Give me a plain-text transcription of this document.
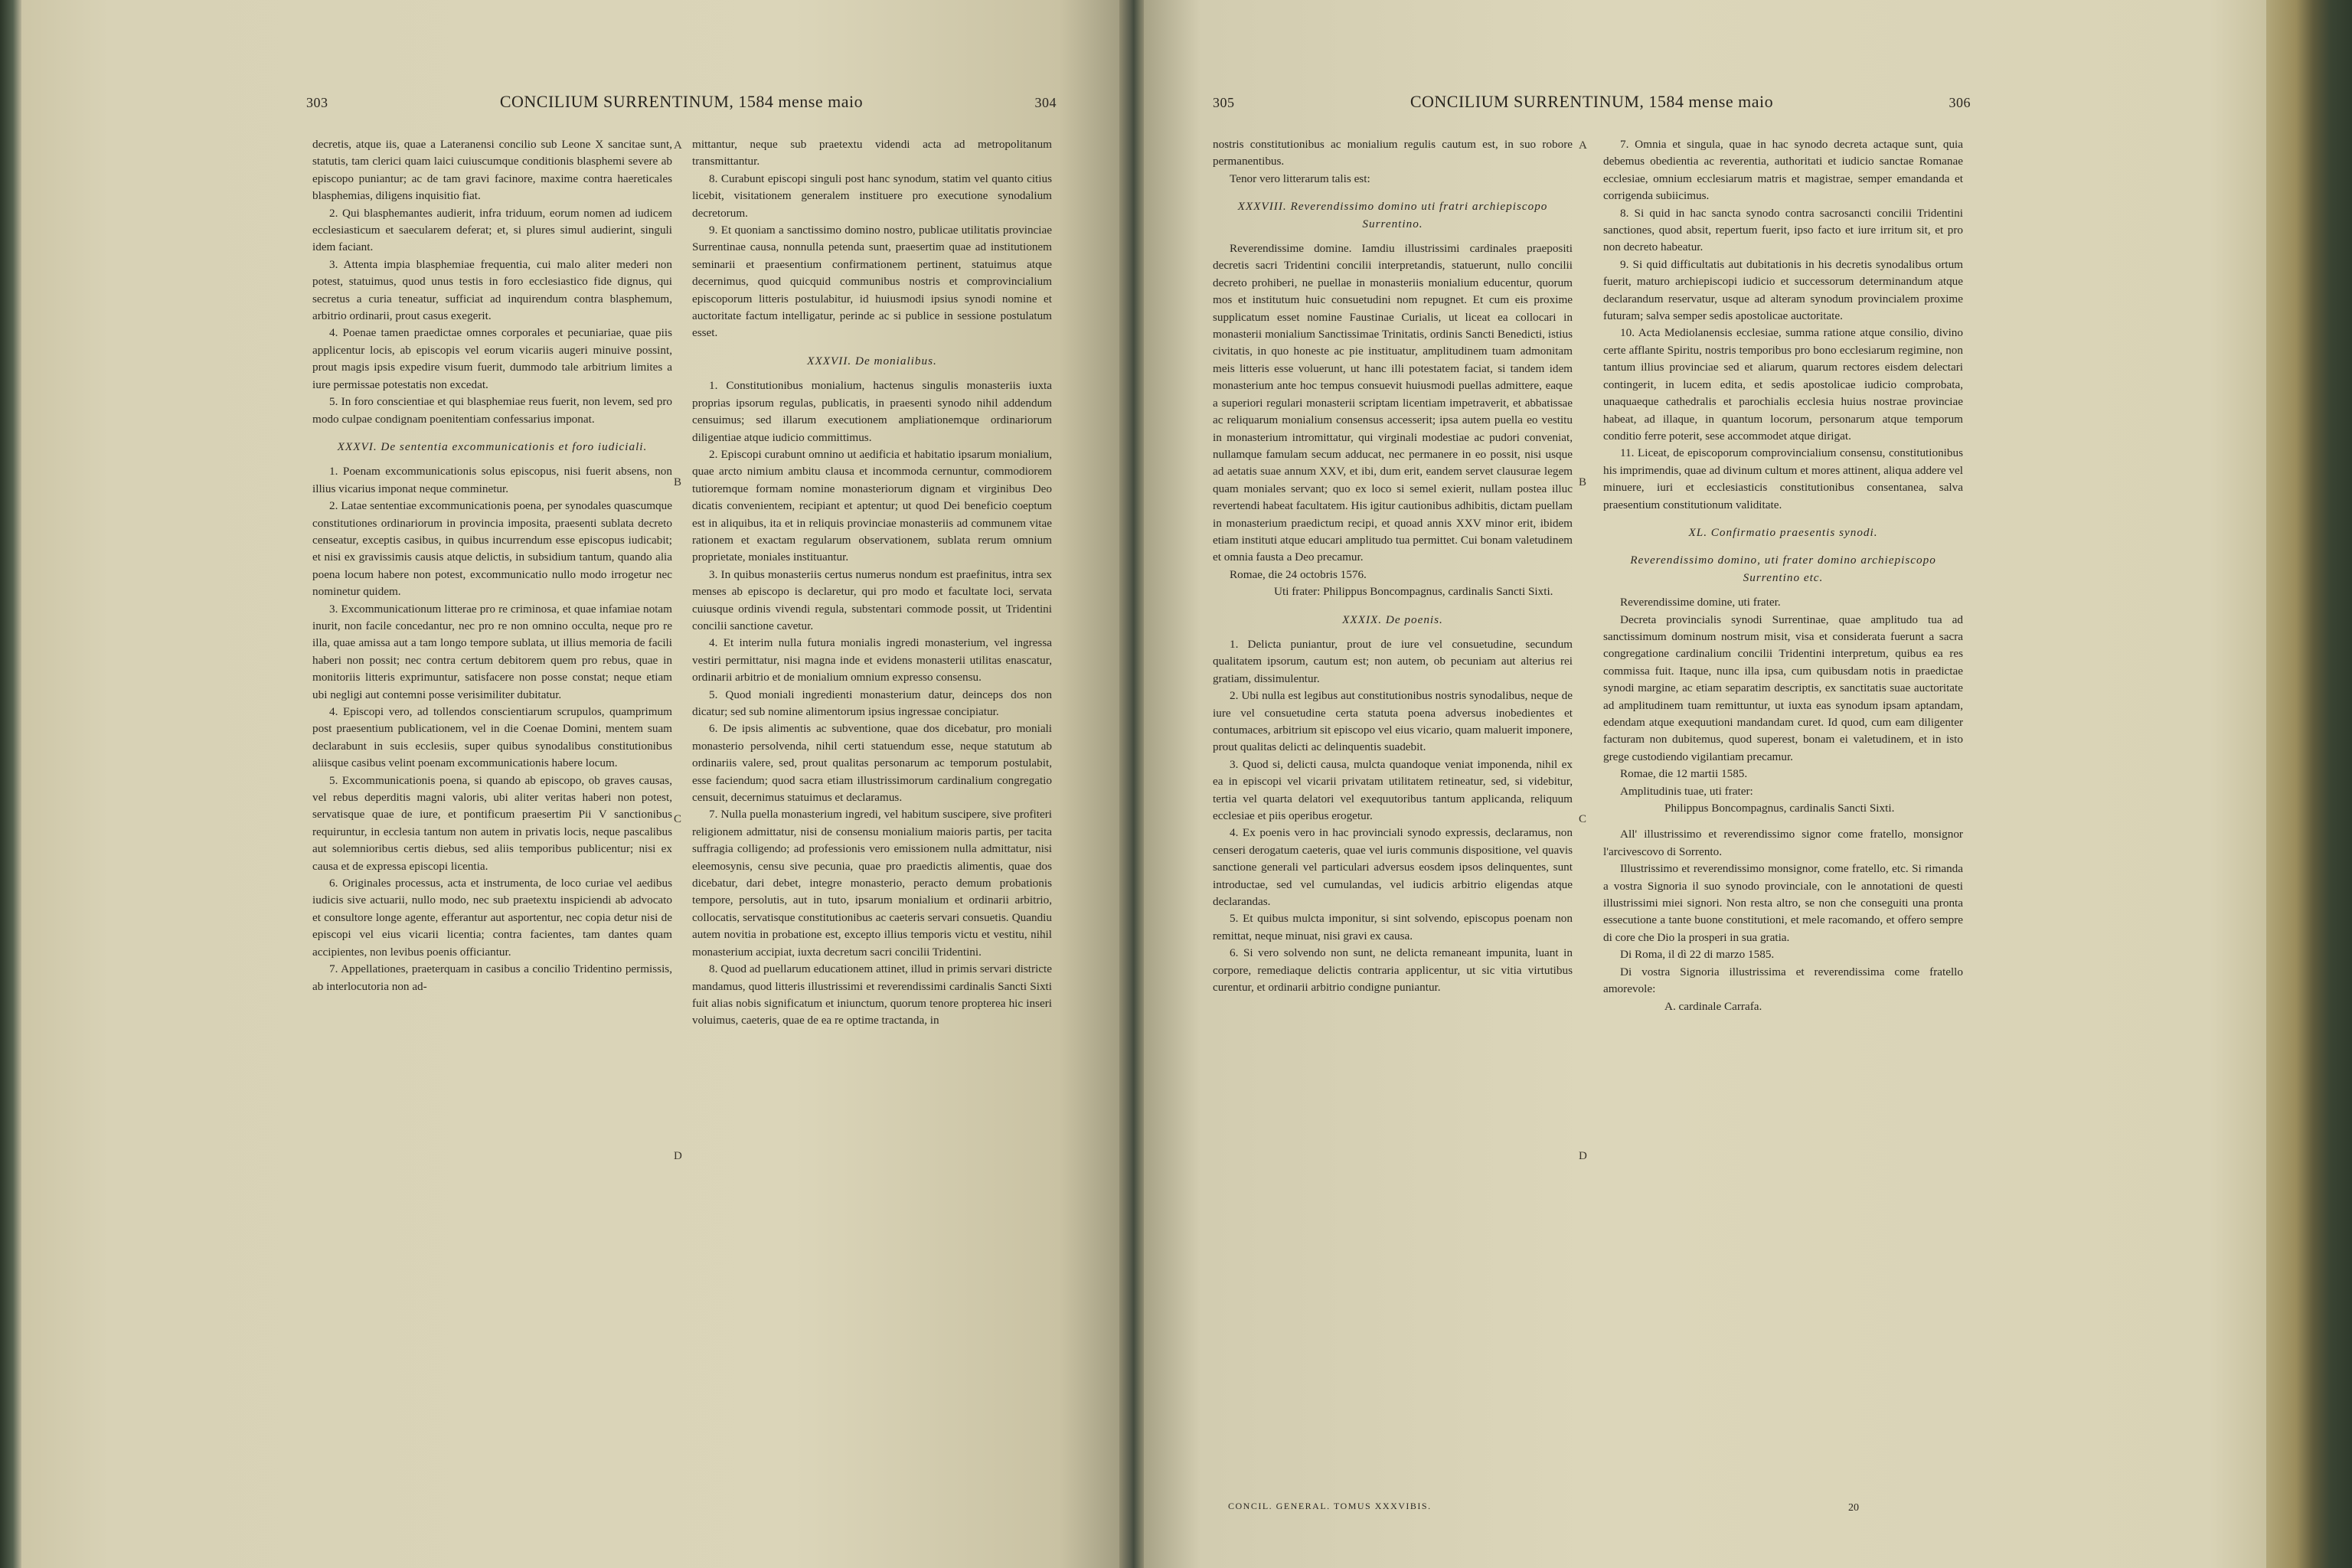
303	CONCILIUM SURRENTINUM, 1584 mense maio	304

decretis, atque iis, quae a Lateranensi concilio sub Leone X sancitae sunt, statutis, tam clerici quam laici cuiuscumque conditionis blasphemi severe ab episcopo puniantur; ac de tam gravi facinore, maxime contra haereticales blasphemias, diligens inquisitio fiat.

2. Qui blasphemantes audierit, infra triduum, eorum nomen ad iudicem ecclesiasticum et saecularem deferat; et, si plures simul audierint, singuli idem faciant.

3. Attenta impia blasphemiae frequentia, cui malo aliter mederi non potest, statuimus, quod unus testis in foro ecclesiastico fide dignus, qui secretus a curia teneatur, sufficiat ad inquirendum contra blasphemum, arbitrio ordinarii, prout casus exegerit.

4. Poenae tamen praedictae omnes corporales et pecuniariae, quae piis applicentur locis, ab episcopis vel eorum vicariis augeri minuive possint, prout magis ipsis expedire visum fuerit, dummodo tale arbitrium limites a iure permissae potestatis non excedat.

5. In foro conscientiae et qui blasphemiae reus fuerit, non levem, sed pro modo culpae condignam poenitentiam confessarius imponat.

XXXVI. De sententia excommunicationis et foro iudiciali.

1. Poenam excommunicationis solus episcopus, nisi fuerit absens, non illius vicarius imponat neque comminetur.

2. Latae sententiae excommunicationis poena, per synodales quascumque constitutiones ordinariorum in provincia imposita, praesenti sublata decreto censeatur, exceptis casibus, in quibus incurrendum esse episcopus iudicabit; et nisi ex gravissimis causis atque delictis, in subsidium tantum, quando alia poena locum habere non potest, excommunicatio nullo modo irrogetur nec nominetur quidem.

3. Excommunicationum litterae pro re criminosa, et quae infamiae notam inurit, non facile concedantur, nec pro re non omnino occulta, neque pro re illa, quae amissa aut a tam longo tempore sublata, ut illius memoria de facili haberi non possit; nec contra certum debitorem quem pro rebus, quae in monitoriis litteris exprimuntur, satisfacere non posse constat; neque etiam ubi negligi aut contemni posse verisimiliter dubitatur.

4. Episcopi vero, ad tollendos conscientiarum scrupulos, quamprimum post praesentium publicationem, vel in die Coenae Domini, mentem suam declarabunt in suis ecclesiis, super quibus synodalibus constitutionibus aliisque casibus velint poenam excommunicationis habere locum.

5. Excommunicationis poena, si quando ab episcopo, ob graves causas, vel rebus deperditis magni valoris, ubi aliter veritas haberi non potest, servatisque quae de iure, et pontificum praesertim Pii V sanctionibus requiruntur, in ecclesia tantum non autem in privatis locis, neque pascalibus aut solemnioribus certis diebus, sed aliis temporibus publicentur; nisi ex causa et de expressa episcopi licentia.

6. Originales processus, acta et instrumenta, de loco curiae vel aedibus iudicis sive actuarii, nullo modo, nec sub praetextu inspiciendi ab advocato et consultore longe agente, efferantur aut asportentur, nec copia detur nisi de episcopi vel eius vicarii licentia; contra facientes, tam dantes quam accipientes, non levibus poenis officiantur.

7. Appellationes, praeterquam in casibus a concilio Tridentino permissis, ab interlocutoria non ad-

mittantur, neque sub praetextu videndi acta ad metropolitanum transmittantur.

8. Curabunt episcopi singuli post hanc synodum, statim vel quanto citius licebit, visitationem generalem instituere pro executione synodalium decretorum.

9. Et quoniam a sanctissimo domino nostro, publicae utilitatis provinciae Surrentinae causa, nonnulla petenda sunt, praesertim quae ad institutionem seminarii et praesentium confirmationem pertinent, statuimus atque decernimus, quod quicquid communibus nostris et comprovincialium episcoporum litteris postulabitur, id huiusmodi ipsius synodi nomine et auctoritate factum intelligatur, perinde ac si publice in sessione postulatum esset.

XXXVII. De monialibus.

1. Constitutionibus monialium, hactenus singulis monasteriis iuxta proprias ipsorum regulas, publicatis, in praesenti synodo nihil addendum censuimus; sed illarum executionem ampliationemque ordinariorum diligentiae atque iudicio committimus.

2. Episcopi curabunt omnino ut aedificia et habitatio ipsarum monialium, quae arcto nimium ambitu clausa et incommoda cernuntur, commodiorem tutioremque formam nomine monasteriorum dignam et virginibus Deo dicatis convenientem, recipiant et aptentur; ut quod Dei beneficio coeptum est in aliquibus, ita et in reliquis provinciae monasteriis ad communem vitae rationem et exactam regularum observationem, sublata rerum omnium proprietate, moniales instituantur.

3. In quibus monasteriis certus numerus nondum est praefinitus, intra sex menses ab episcopo is declaretur, qui pro modo et facultate loci, servata cuiusque ordinis vivendi regula, substentari commode possit, ut Tridentini concilii sanctione cavetur.

4. Et interim nulla futura monialis ingredi monasterium, vel ingressa vestiri permittatur, nisi magna inde et evidens monasterii utilitas enascatur, ordinarii arbitrio et de monialium omnium expresso consensu.

5. Quod moniali ingredienti monasterium datur, deinceps dos non dicatur; sed sub nomine alimentorum ipsius ingressae concipiatur.

6. De ipsis alimentis ac subventione, quae dos dicebatur, pro moniali monasterio persolvenda, nihil certi statuendum esse, neque statutum ab ordinariis valere, sed, prout qualitas personarum ac temporum postulabit, esse faciendum; quod sacra etiam illustrissimorum cardinalium congregatio censuit, decernimus statuimus et declaramus.

7. Nulla puella monasterium ingredi, vel habitum suscipere, sive profiteri religionem admittatur, nisi de consensu monialium maioris partis, per tacita suffragia colligendo; ad professionis vero emissionem nulla admittatur, nisi eleemosynis, censu sive pecunia, quae pro praedictis alimentis, quae dos dicebatur, dari debet, integre monasterio, peracto demum probationis tempore, persolutis, aut in tuto, ipsarum monialium et ordinarii arbitrio, collocatis, servatisque constitutionibus ac caeteris servari consuetis. Quandiu autem novitia in probatione est, excepto illius temporis victu et vestitu, nihil monasterium accipiat, iuxta decretum sacri concilii Tridentini.

8. Quod ad puellarum educationem attinet, illud in primis servari districte mandamus, quod litteris illustrissimi et reverendissimi cardinalis Sancti Sixti fuit alias nobis significatum et iniunctum, quorum tenore propterea hic inseri voluimus, caeteris, quae de ea re optime tractanda, in

A
B
C
D
305	CONCILIUM SURRENTINUM, 1584 mense maio	306

nostris constitutionibus ac monialium regulis cautum est, in suo robore permanentibus.

Tenor vero litterarum talis est:

XXXVIII. Reverendissimo domino uti fratri archiepiscopo Surrentino.

Reverendissime domine. Iamdiu illustrissimi cardinales praepositi decretis sacri Tridentini concilii interpretandis, statuerunt, nullo concilii decreto prohiberi, ne puellae in monasteriis monialium educentur, quorum mos et institutum huic consuetudini nom repugnet. Et cum eis proxime supplicatum esset nomine Faustinae Curialis, ut liceat ea collocari in monasterii monialium Sanctissimae Trinitatis, ordinis Sancti Benedicti, istius civitatis, in quo honeste ac pie instituatur, amplitudinem tuam admonitam meis litteris esse voluerunt, ut hanc illi potestatem faciat, si tandem idem monasterium ante hoc tempus consuevit huiusmodi puellas admittere, eaque a superiori regulari monasterii scriptam licentiam impetraverit, et abbatissae ac reliquarum monialium consensus accesserit; ipsa autem puella eo vestitu in monasterium intromittatur, qui virginali modestiae ac pudori conveniat, nullamque famulam secum adducat, nec permanere in eo possit, nisi usque ad aetatis suae annum XXV, et ibi, dum erit, eandem servet clausurae legem quam moniales servant; quo ex loco si semel exierit, nullam postea illuc revertendi habeat facultatem. His igitur cautionibus adhibitis, dictam puellam in monasterium praedictum recipi, et quoad annis XXV minor erit, ibidem etiam instituti atque educari amplitudo tua permittet. Cui bonam valetudinem et omnia fausta a Deo precamur.

Romae, die 24 octobris 1576.

Uti frater: Philippus Boncompagnus, cardinalis Sancti Sixti.

XXXIX. De poenis.

1. Delicta puniantur, prout de iure vel consuetudine, secundum qualitatem ipsorum, cautum est; non autem, ob pecuniam aut alterius rei gratiam, dissimulentur.

2. Ubi nulla est legibus aut constitutionibus nostris synodalibus, neque de iure vel consuetudine certa statuta poena adversus inobedientes et contumaces, arbitrium sit episcopo vel eius vicario, quam maluerit imponere, prout qualitas delicti ac delinquentis suadebit.

3. Quod si, delicti causa, mulcta quandoque veniat imponenda, nihil ex ea in episcopi vel vicarii privatam utilitatem retineatur, sed, si videbitur, tertia vel quarta delatori vel exequutoribus tantum applicanda, reliquum ecclesiae et piis operibus erogetur.

4. Ex poenis vero in hac provinciali synodo expressis, declaramus, non censeri derogatum caeteris, quae vel iuris communis dispositione, vel quavis sanctione generali vel particulari adversus eosdem ipsos delinquentes, sunt introductae, sed vel cumulandas, vel iudicis arbitrio eligendas atque declarandas.

5. Et quibus mulcta imponitur, si sint solvendo, episcopus poenam non remittat, neque minuat, nisi gravi ex causa.

6. Si vero solvendo non sunt, ne delicta remaneant impunita, luant in corpore, remediaque delictis contraria applicentur, ut sic vitia virtutibus curentur, et ordinarii arbitrio condigne puniantur.

7. Omnia et singula, quae in hac synodo decreta actaque sunt, quia debemus obedientia ac reverentia, authoritati et iudicio sanctae Romanae ecclesiae, omnium ecclesiarum matris et magistrae, semper emandanda et corrigenda subiicimus.

8. Si quid in hac sancta synodo contra sacrosancti concilii Tridentini sanctiones, quod absit, repertum fuerit, ipso facto et iure irritum sit, et pro non decreto habeatur.

9. Si quid difficultatis aut dubitationis in his decretis synodalibus ortum fuerit, maturo archiepiscopi iudicio et successorum determinandum atque declarandum reservatur, usque ad alteram synodum provincialem proxime futuram; salva semper sedis apostolicae auctoritate.

10. Acta Mediolanensis ecclesiae, summa ratione atque consilio, divino certe afflante Spiritu, nostris temporibus pro bono ecclesiarum regimine, non tantum illius provinciae sed et aliarum, quarum rectores eisdem delectari contingerit, in lucem edita, et sedis apostolicae iudicio comprobata, unaquaeque cathedralis et parochialis ecclesia huius nostrae provinciae habeat, ad illaque, in quantum locorum, personarum atque temporum conditio ferre poterit, sese accommodet atque dirigat.

11. Liceat, de episcoporum comprovincialium consensu, constitutionibus his imprimendis, quae ad divinum cultum et mores attinent, aliqua addere vel minuere, iuri et ecclesiasticis constitutionibus consentanea, salva praesentium constitutionum validitate.

XL. Confirmatio praesentis synodi.

Reverendissimo domino, uti frater domino archiepiscopo Surrentino etc.

Reverendissime domine, uti frater.

Decreta provincialis synodi Surrentinae, quae amplitudo tua ad sanctissimum dominum nostrum misit, visa et considerata fuerunt a sacra congregatione cardinalium concilii Tridentini interpretum, quibus ea res commissa fuit. Itaque, nunc illa ipsa, cum quibusdam notis in praedictae synodi margine, ac etiam separatim descriptis, ex sanctitatis suae auctoritate ad amplitudinem tuam remittuntur, ut iuxta eas synodum ipsam aptandam, edendam atque exequutioni mandandam curet. Id quod, cum eam diligenter facturam non dubitemus, quod superest, bonam ei valetudinem, et in isto grege custodiendo vigilantiam precamur.

Romae, die 12 martii 1585.

Amplitudinis tuae, uti frater:

Philippus Boncompagnus, cardinalis Sancti Sixti.

All' illustrissimo et reverendissimo signor come fratello, monsignor l'arcivescovo di Sorrento.

Illustrissimo et reverendissimo monsignor, come fratello, etc. Si rimanda a vostra Signoria il suo synodo provinciale, con le annotationi de questi illustrissimi miei signori. Non resta altro, se non che conseguiti una pronta essecutione a tante buone constitutioni, et mele racomando, et offero sempre di core che Dio la prosperi in sua gratia.

Di Roma, il dì 22 di marzo 1585.

Di vostra Signoria illustrissima et reverendissima come fratello amorevole:

A. cardinale Carrafa.

A
B
C
D
CONCIL. GENERAL. TOMUS XXXVIBIS.	20
